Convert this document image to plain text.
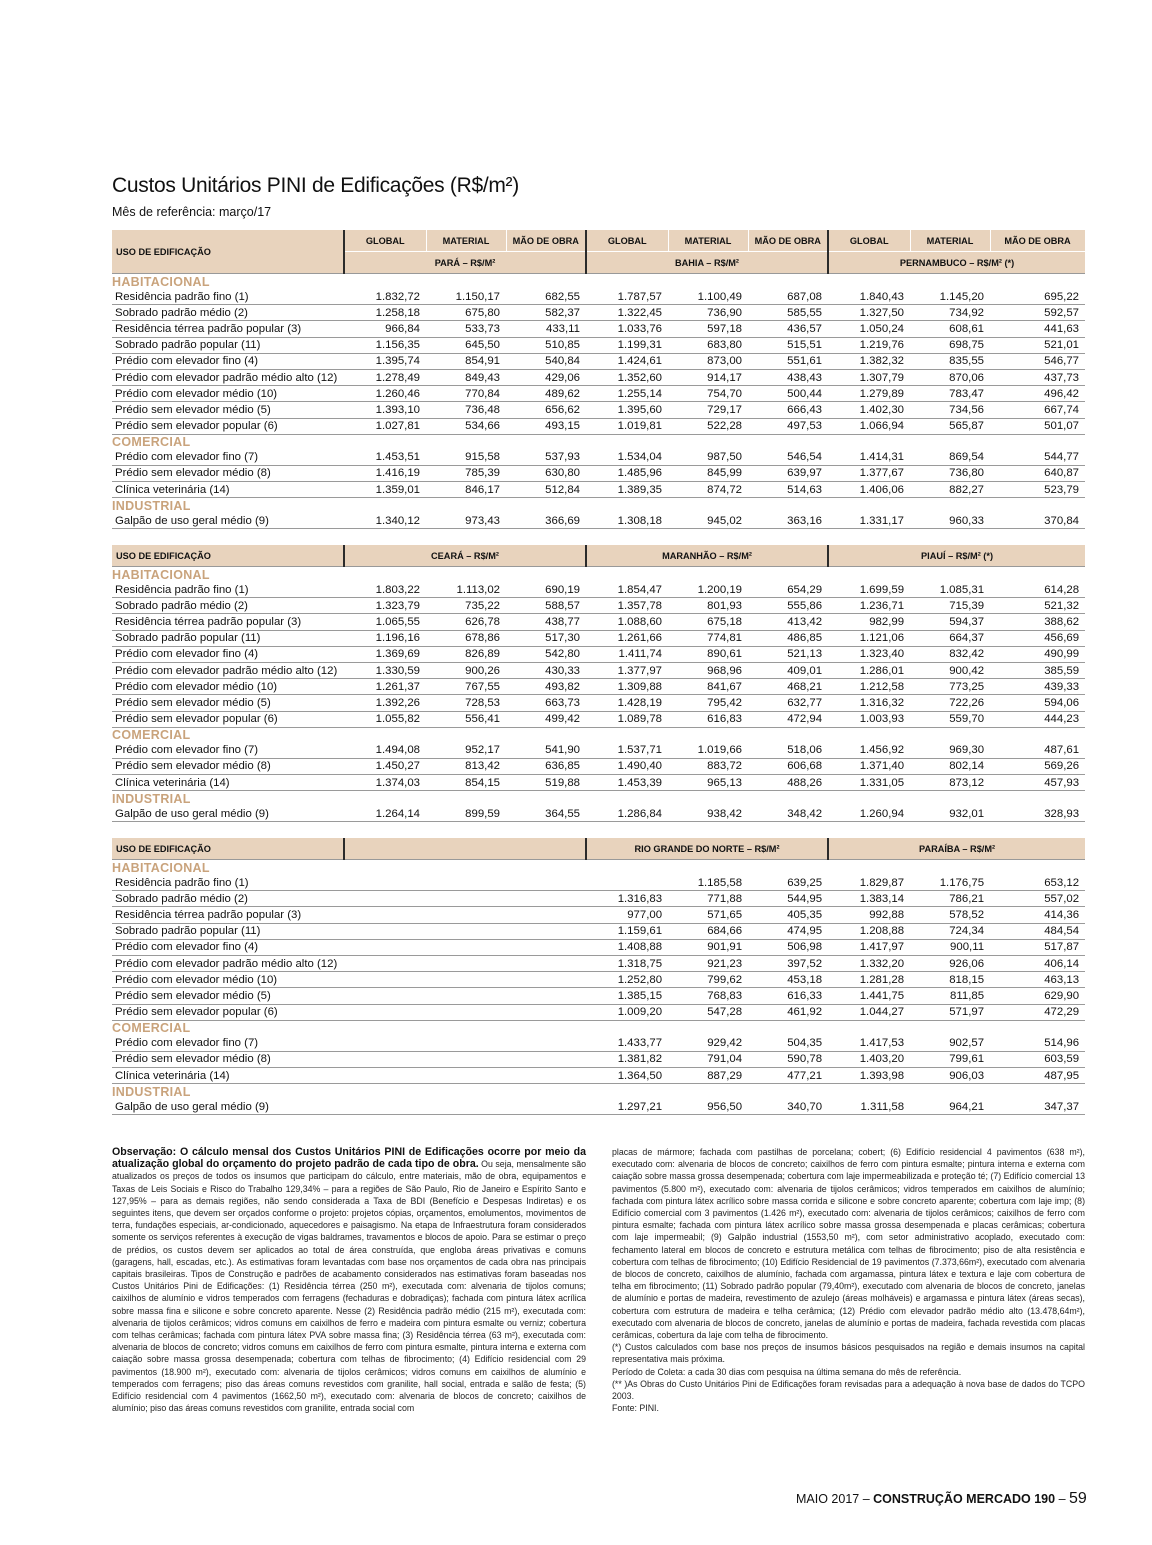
Custos Unitários PINI de Edificações (R$/m²)
Mês de referência: março/17
USO DE EDIFICAÇÃO	GLOBAL	MATERIAL	MÃO DE OBRA	GLOBAL	MATERIAL	MÃO DE OBRA	GLOBAL	MATERIAL	MÃO DE OBRA
	PARÁ – R$/M²			BAHIA – R$/M²			PERNAMBUCO – R$/M² (*)		
HABITACIONAL									
Residência padrão fino (1)	1.832,72	1.150,17	682,55	1.787,57	1.100,49	687,08	1.840,43	1.145,20	695,22
Sobrado padrão médio (2)	1.258,18	675,80	582,37	1.322,45	736,90	585,55	1.327,50	734,92	592,57
Residência térrea padrão popular (3)	966,84	533,73	433,11	1.033,76	597,18	436,57	1.050,24	608,61	441,63
Sobrado padrão popular (11)	1.156,35	645,50	510,85	1.199,31	683,80	515,51	1.219,76	698,75	521,01
Prédio com elevador fino (4)	1.395,74	854,91	540,84	1.424,61	873,00	551,61	1.382,32	835,55	546,77
Prédio com elevador padrão médio alto (12)	1.278,49	849,43	429,06	1.352,60	914,17	438,43	1.307,79	870,06	437,73
Prédio com elevador médio (10)	1.260,46	770,84	489,62	1.255,14	754,70	500,44	1.279,89	783,47	496,42
Prédio sem elevador médio (5)	1.393,10	736,48	656,62	1.395,60	729,17	666,43	1.402,30	734,56	667,74
Prédio sem elevador popular (6)	1.027,81	534,66	493,15	1.019,81	522,28	497,53	1.066,94	565,87	501,07
COMERCIAL									
Prédio com elevador fino (7)	1.453,51	915,58	537,93	1.534,04	987,50	546,54	1.414,31	869,54	544,77
Prédio sem elevador médio (8)	1.416,19	785,39	630,80	1.485,96	845,99	639,97	1.377,67	736,80	640,87
Clínica veterinária (14)	1.359,01	846,17	512,84	1.389,35	874,72	514,63	1.406,06	882,27	523,79
INDUSTRIAL									
Galpão de uso geral médio (9)	1.340,12	973,43	366,69	1.308,18	945,02	363,16	1.331,17	960,33	370,84
USO DE EDIFICAÇÃO	CEARÁ – R$/M²			MARANHÃO – R$/M²			PIAUÍ – R$/M² (*)		
HABITACIONAL									
Residência padrão fino (1)	1.803,22	1.113,02	690,19	1.854,47	1.200,19	654,29	1.699,59	1.085,31	614,28
Sobrado padrão médio (2)	1.323,79	735,22	588,57	1.357,78	801,93	555,86	1.236,71	715,39	521,32
Residência térrea padrão popular (3)	1.065,55	626,78	438,77	1.088,60	675,18	413,42	982,99	594,37	388,62
Sobrado padrão popular (11)	1.196,16	678,86	517,30	1.261,66	774,81	486,85	1.121,06	664,37	456,69
Prédio com elevador fino (4)	1.369,69	826,89	542,80	1.411,74	890,61	521,13	1.323,40	832,42	490,99
Prédio com elevador padrão médio alto (12)	1.330,59	900,26	430,33	1.377,97	968,96	409,01	1.286,01	900,42	385,59
Prédio com elevador médio (10)	1.261,37	767,55	493,82	1.309,88	841,67	468,21	1.212,58	773,25	439,33
Prédio sem elevador médio (5)	1.392,26	728,53	663,73	1.428,19	795,42	632,77	1.316,32	722,26	594,06
Prédio sem elevador popular (6)	1.055,82	556,41	499,42	1.089,78	616,83	472,94	1.003,93	559,70	444,23
COMERCIAL									
Prédio com elevador fino (7)	1.494,08	952,17	541,90	1.537,71	1.019,66	518,06	1.456,92	969,30	487,61
Prédio sem elevador médio (8)	1.450,27	813,42	636,85	1.490,40	883,72	606,68	1.371,40	802,14	569,26
Clínica veterinária (14)	1.374,03	854,15	519,88	1.453,39	965,13	488,26	1.331,05	873,12	457,93
INDUSTRIAL									
Galpão de uso geral médio (9)	1.264,14	899,59	364,55	1.286,84	938,42	348,42	1.260,94	932,01	328,93
USO DE EDIFICAÇÃO				RIO GRANDE DO NORTE – R$/M²			PARAÍBA – R$/M²		
HABITACIONAL									
Residência padrão fino (1)					1.185,58	639,25	1.829,87	1.176,75	653,12
Sobrado padrão médio (2)				1.316,83	771,88	544,95	1.383,14	786,21	557,02
Residência térrea padrão popular (3)				977,00	571,65	405,35	992,88	578,52	414,36
Sobrado padrão popular (11)				1.159,61	684,66	474,95	1.208,88	724,34	484,54
Prédio com elevador fino (4)				1.408,88	901,91	506,98	1.417,97	900,11	517,87
Prédio com elevador padrão médio alto (12)				1.318,75	921,23	397,52	1.332,20	926,06	406,14
Prédio com elevador médio (10)				1.252,80	799,62	453,18	1.281,28	818,15	463,13
Prédio sem elevador médio (5)				1.385,15	768,83	616,33	1.441,75	811,85	629,90
Prédio sem elevador popular (6)				1.009,20	547,28	461,92	1.044,27	571,97	472,29
COMERCIAL									
Prédio com elevador fino (7)				1.433,77	929,42	504,35	1.417,53	902,57	514,96
Prédio sem elevador médio (8)				1.381,82	791,04	590,78	1.403,20	799,61	603,59
Clínica veterinária (14)				1.364,50	887,29	477,21	1.393,98	906,03	487,95
INDUSTRIAL									
Galpão de uso geral médio (9)				1.297,21	956,50	340,70	1.311,58	964,21	347,37
Observação: O cálculo mensal dos Custos Unitários PINI de Edificações ocorre por meio da atualização global do orçamento do projeto padrão de cada tipo de obra. Ou seja, mensalmente são atualizados os preços de todos os insumos que participam do cálculo, entre materiais, mão de obra, equipamentos e Taxas de Leis Sociais e Risco do Trabalho 129,34% – para a regiões de São Paulo, Rio de Janeiro e Espírito Santo e 127,95% – para as demais regiões, não sendo considerada a Taxa de BDI (Benefício e Despesas Indiretas) e os seguintes itens, que devem ser orçados conforme o projeto: projetos cópias, orçamentos, emolumentos, movimentos de terra, fundações especiais, ar-condicionado, aquecedores e paisagismo. Na etapa de Infraestrutura foram considerados somente os serviços referentes à execução de vigas baldrames, travamentos e blocos de apoio. Para se estimar o preço de prédios, os custos devem ser aplicados ao total de área construída, que engloba áreas privativas e comuns (garagens, hall, escadas, etc.). As estimativas foram levantadas com base nos orçamentos de cada obra nas principais capitais brasileiras. Tipos de Construção e padrões de acabamento considerados nas estimativas foram baseadas nos Custos Unitários Pini de Edificações: (1) Residência térrea (250 m²), executada com: alvenaria de tijolos comuns; caixilhos de alumínio e vidros temperados com ferragens (fechaduras e dobradiças); fachada com pintura látex acrílica sobre massa fina e silicone e sobre concreto aparente. Nesse (2) Residência padrão médio (215 m²), executada com: alvenaria de tijolos cerâmicos; vidros comuns em caixilhos de ferro e madeira com pintura esmalte ou verniz; cobertura com telhas cerâmicas; fachada com pintura látex PVA sobre massa fina; (3) Residência térrea (63 m²), executada com: alvenaria de blocos de concreto; vidros comuns em caixilhos de ferro com pintura esmalte, pintura interna e externa com caiação sobre massa grossa desempenada; cobertura com telhas de fibrocimento; (4) Edifício residencial com 29 pavimentos (18.900 m²), executado com: alvenaria de tijolos cerâmicos; vidros comuns em caixilhos de alumínio e temperados com ferragens; piso das áreas comuns revestidos com granilite, hall social, entrada e salão de festa; (5) Edifício residencial com 4 pavimentos (1662,50 m²), executado com: alvenaria de blocos de concreto; caixilhos de alumínio; piso das áreas comuns revestidos com granilite, entrada social com
placas de mármore; fachada com pastilhas de porcelana; cobert; (6) Edifício residencial 4 pavimentos (638 m²), executado com: alvenaria de blocos de concreto; caixilhos de ferro com pintura esmalte; pintura interna e externa com caiação sobre massa grossa desempenada; cobertura com laje impermeabilizada e proteção té; (7) Edifício comercial 13 pavimentos (5.800 m²), executado com: alvenaria de tijolos cerâmicos; vidros temperados em caixilhos de alumínio; fachada com pintura látex acrílico sobre massa corrida e silicone e sobre concreto aparente; cobertura com laje imp; (8) Edifício comercial com 3 pavimentos (1.426 m²), executado com: alvenaria de tijolos cerâmicos; caixilhos de ferro com pintura esmalte; fachada com pintura látex acrílico sobre massa grossa desempenada e placas cerâmicas; cobertura com laje impermeabil; (9) Galpão industrial (1553,50 m²), com setor administrativo acoplado, executado com: fechamento lateral em blocos de concreto e estrutura metálica com telhas de fibrocimento; piso de alta resistência e cobertura com telhas de fibrocimento; (10) Edifício Residencial de 19 pavimentos (7.373,66m²), executado com alvenaria de blocos de concreto, caixilhos de alumínio, fachada com argamassa, pintura látex e textura e laje com cobertura de telha em fibrocimento; (11) Sobrado padrão popular (79,40m²), executado com alvenaria de blocos de concreto, janelas de alumínio e portas de madeira, revestimento de azulejo (áreas molháveis) e argamassa e pintura látex (áreas secas), cobertura com estrutura de madeira e telha cerâmica; (12) Prédio com elevador padrão médio alto (13.478,64m²), executado com alvenaria de blocos de concreto, janelas de alumínio e portas de madeira, fachada revestida com placas cerâmicas, cobertura da laje com telha de fibrocimento.
(*) Custos calculados com base nos preços de insumos básicos pesquisados na região e demais insumos na capital representativa mais próxima.
Período de Coleta: a cada 30 dias com pesquisa na última semana do mês de referência.
(** )As Obras do Custo Unitários Pini de Edificações foram revisadas para a adequação à nova base de dados do TCPO 2003.
Fonte: PINI.
MAIO 2017 – CONSTRUÇÃO MERCADO 190 – 59
